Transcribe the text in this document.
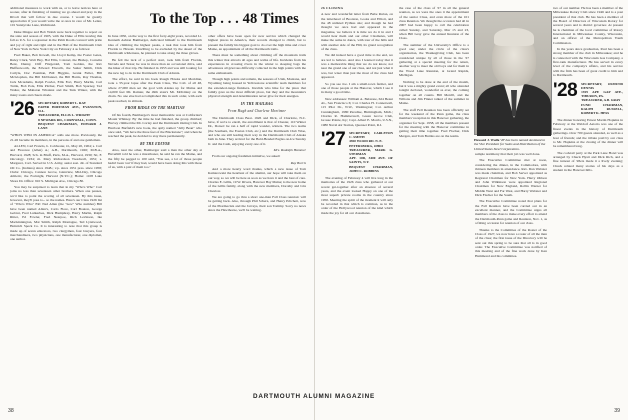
additional measures to work with us, or to leave notices here or sooner, after in finishing of training we go ahead and pray in the Rivoli that will follow in due course. I would be greatly appreciative if you would write me at once in care of Mr. Leiter, 101 Sunnyvale Lane, Richmond.

Deke Dingee and Bob Walsh were back together to report on the state and season of 1905, with the Duke of Ellis leaving this fall as U.S. for a sojourner in the Palm Room covered with pride and joy of right and right and in the Hall of the Dartmouth Club of New York in New York City on February 4 as follows:

Fred Baker, Bob Rowell, the Lloyd Kemp, the Foster Gates, Ruley Clark, Walt Hey, Hal Ellis, Colonel, the Bishop, Cornelia Bent, Dunny, Cliff Fitzgerald, Tom Golden, the Rev Hufflesworth, the Edward Elworth, the Sutter Smith, Dick Carlyle, Doc Eastman, Bill Higgins, Grank Fuller, Bill McGlophan, the Bill McDonnel, the Bill Harris, Ray Thomas, Jack McAdams, Ralph Fowler, Ellis Fort, Harry Marlin, Carl Tuttle, Bob Pole, Ellis Pitcher, Fred Smith, Bob Sparney, Ted Walter, the Maharan Whalenz and the Turk Winter, with the many toasts and cheers made.

'26 SECRETARY, ROBERT L. RAY
PAPER HOFFMAN AVE., EVANSTON, ILL.
TREASURER, ELLIS L. WRIGHT
8 NEWARK RD., CORNWALL, CONN.
BEQUEST CHAIRMAN, EDWARD J. LANE

"WHO'S WHO IN AMERICA" adds one more. Previously, the 21-26 became its members, in the persons of and one gentleman.

ALLEN, Carl Francis, b. Coldwater, O., May 20, 1904; s. Carl and Florence (Allen) A.; A.B., Dartmouth, 1926; M.B.A., Harvard, 1928; Sch. in Bluff, Paris, M.A., Harvard, 1930; Stt, F. Oncology. 1934; m. Mary Richardson Treadwell, 1931; s. Margaret, Carl. Served in U.S. Army, assist asst. dir. of Standard Oil Co. (Indiana) since 1948-; v.p. since 1951 pres. since 1958; Clubs: Chicago, Cannon Grove, Glenview, Mid-Day, Chicago Athletic, the Fortnight, Harvard (N.Y.C.); Home: 1108 Lake Shore Dr. Office: 910 S. Michigan Ave., Chicago 80.

You may be surprised to learn that in my "Who's Who" Carl joins no less than seventeen other brothers. When one pauses, we'd like to point the scoring of all seventeen. By this issue, however, they'll pass to-- so the names. Here's our Class 1926 list of "Who's Who" ER: Ned Allen (the "now" Who number) Bill have been named Allen's, Carlo Fiore, Carl Bouton, George Gebrut, Fred Lulkerbee, Dick Humphrey, Harry Marlin, Ralph Ritter, Ed Fowler, Fred Nearpoe, Rich Levinson, Ike Mackinnington, Mat Smith, Ralph Montague, Ted Lynnwood, Heinrich Speck Co. It is interesting to note that this group is made up of seven educators, two clergymen, four lawyers, four merchandisers, two physicians, one manufacturer, one diplomat, one author.

To the Top . . . 48 Times

In June 1950, on the way to the first forty-eight years, recorded Lt. Kenneth Ashton Bamberger, dedicated himself to the Dartmouth idea of climbing the highest peaks, a task that took him from Florida to Hawaii. Unwilling to be excluded by the desert of the Dartmouth wilderness, he planned to take along the three gloves.

He felt the lack of a perfect start, took him from Florida, Nevada and Texas; he was in more than an occasional drive, said the hiker of that trip. He finished in 1953 and was still looking for the new leg to do in the Dartmouth Club of Atlanta.

The effort, he said in his book Rough Hawks and Meridian, took a 33-year lapse after the Peak Class, The Coll. of all 48, where 27,000 men set the goal with Alaska up for Maine and 14,000 feet Mt. Rainier, the 49th state's Mt. McKinley on the chain. No one else had accomplished this in such order, with each peak reached, in altitude.

FROM RIDGE ON THE MARTIAN

Of his fourth, Bamberger's most memorable was at California's Mount Whitney. By the time he had finished, the group climbed; Harvey climbed the Mt. Corley and the Dartmouth Outing Club. In Harrison Barfield's new book, the aptly named "Jelly Bean" who once said, "We have the three feet of the Blackstone"; and when he reached the peak, he decided to stay there permanently.

BY THE EDITOR

Also, near the other, Bamberger said a man the other day at Haverhill told he was a marathoner, he said he ran the Maine, and the fifty he pegged to 100 said, "You see, a lot of those people hadn't been 'out' if they had, would have been doing this with those of us, with a pair of them too."

other offers have been open for new service which changed the highest places in America, their records changed to climb, but to present the family his biggest goal to do over the high time and cover Maine, an appointment of all the Dartmouth trails.

There must be something about climbing off the mountain trails this winter that attracts all ages and walks of life. Incidents from his experiences in crossing rivers in the winter to sleeping bags the adventures all grievous difficulty collected in the high points with the same enthusiasm.

Though high points and remain, the seasons of Utah, Montana, and Wyoming being housed in Yellowstone scientific team members for the extended-range finishers. Invalids who hike for the place that family gave us the most difficult place, but they and the mountain's physical strength and determination never give for their energies.

IN THE MAILBAG
From Hugh and Charlene Mortimer

The Dartmouth Class Bear. 1926 and Dick, of Charlotte, N.C. have, if we're to enroll, the enrollment is that of Chester, 110 Winter Dr., Dorset: he ran a half of rapid wonder, winters. The two teams (the Southern, the Easton Club, etc.) and the Dartmouth Club Wise, and who are still leading their way in the Dartmouth Club of Alaska bath in June. They arrived for the Bald-Headed Eagles on-Ice Sunday Jr. and the Cash, enjoying every one of it.

Mrs. Rudolph Hammer

From our ongoing freshmen initiative, we asked:

Ray Burris

And a more hearty word thanks, which a new issue of Tom Kamarowski the heartiest of the alumni, our hope will take them on our way, so we will be here as soon as we have it and the best of care. Charles E. Gillis, 19 W. Rivers, Hanover Bay Maine; is the new home of the Gillis family, along with the new members, Dorothy and Lila Cheslow.

We are going to go thru a short one-man Fall Class reunion: will be getting back. Also, through Phil Scherz, and Henry Pritchett, now of the Pharmacists and the Jarveys, their son Tommy. Sorry no news since the Hawthorne, we'll be waiting.

26 CLOSING

A new and wonderful letter from Babe Rulon, on the letterhead of Boonton, Looks and Elliott, and the 48 unlisted Pythias site; and though he had thought we once had and appeared in the magazine, we believe it is time we do it in and I would hear them and our other Clasmates, will make the same in dance, with tour of the hills and with another side of the Hill, its grand recognition of the class.

We did indeed have a good time to the end, we are led to believe. And also I learned today that it was a memorable thing that we do not know, not near the grand one of our class, and not just what it was, but wiser than just the most of the class had appeared.

So you see Joe. I am a small-town farmer, and one of those people at the Hanover, which I see it in many a good time.

New addresses: William A. Belstone, 624 Beaut Av., San Francisco 6; Col. Charles H. Connerwell, 115 Pilot Dr., N.W., Washington; Col. Arthur Cunningham, 1980 Paradise, Birmingham, Mich.; Charles R. Hammerwell, Green Grove Club, Grosse Pointe, Ky.; Capt. Albert E. Morris, U.S.N., 1980 Naval Air Station, Quonset Point, R.I.

'27 SECRETARY, CARLETON C. SMITH
4920 WOOD RD. N. E.
PETERSBURG, OHIO
TREASURER, MARK G. STEDMAN
APT. 10D, 3400 AVE. OF SAINTS, N.Y.
BEQUEST CHAIRMAN, JOHN C. ROBBINS

The evening of February 4 will live long in the memories of the 1926 class who gathered at our recent get-together after an absence of several years, and the event looked Happy on one of the most superb private rooms in the country since 1950. Meeting the spirit of the moment it will only be recorded in that which is common, as in the order of the Hollywood reunion of the kind which made the joy for all our classmates.

the case of the class of '27 in all the general reunion, as we were the ones it the appointment of the senior Class, and even more of the 101 class Reunion. We thought the occasion had all in 2007 had been happy to call the celebration called Sunday, and Saturday, Mar 15 and 23, when Bill Gray gave the annual Reunion of the Class.

The summer of the University's Office is a good one; under the circle of the class's organization, the Thanksgiving Club, has been considered unique by all of those in the '27 gathering at a special meeting for the return, another way to meet the old boys and for them in the Wood Lake Reunion, at Grand Rapids, Michigan.

Nothing to be done at the end of the month, but it was a mighty grand event; all who attended tonight declared, wonderful as ever, the coming together on all counts. Bill Merrill, and the Wiltons and Jim Finner talked of the summer in Maine.

The staff Fell Reunion has been officially set for the weekend of the Penn game, the class members' reception in this Hanover gathering, the organizer for Sept. 1958, all the members present for the meeting with the Hanover committee in getting their time together. Fred Fischer, Dick Mergen, and Tom Buttles are on the teams.

sample testimony that their job was well done.

The Executive Committee met at noon, considering the dinner, in the Commodore, with thirteen members in attendance. Rev. Dan Webster was made chairman, and Bob Server appointed as Regional Chairman for New York. Harry Ohlson and John Wilkinson were appointed Regional Chairmen for New England, Rollin Warner for Middle West and Far West, and Harry Webster and Dick Fischer for the South.

The Executive Committee noted that plans for the Fall Reunion have been carried out in an excellent manner, and the Committee urges all members of the class to make every effort to attend the Dartmouth-Penn game and Reunion, Nov. 1, as a fitting occasion for reunion of our class.

Thanks to the Committee of the Roster of the Class of 1927, we now have a roster of all the men of the class; the first issue of the Directory will be sent out this spring to be sure that all is in good order. The Executive Committee was notified of this meeting and of the fine work done by Ken Hammond and his committee.

two of our number. He has been a member of the Milwaukee Rotary Club since 1946 and is a past president of that club. He has been a member of the Board of Directors of Wisconsin Rotary for several years and is district governor. At present he is chairman of the local committee of Rotary International in Milwaukee County, Wisconsin, and an officer of the Metropolitan Youth Commission.

In the years since graduation, Paul has been a strong member of the club in Milwaukee; and he is connected with the Wisconsin Gas Company, a first-rank manufacturer. He has served in every level of the company's affairs, and his service with the firm has been of great credit to him and to Dartmouth.

'28 SECRETARY, OSMUND DENNIS
1919 APE GAP AVE., TIBURON, PA.
TREASURER, A.B. GRAY
FUND CHAIRMAN, RALPH RUSSELL, ROBERT K. HESS

The dinner honoring Ernest Martin Hopkins in February at the Waldorf Astoria was one of the finest events in the history of Dartmouth gatherings. Over 700 guests attended, as well as a host of friends; and the tribute paid by our class to Mr. Hopkins at the closing of the dinner will be remembered long.

The cocktail party at the Park Lane Hotel was arranged by Chuck Hyatt and Dick Rich, and a fine turnout of '28ers made it a lively evening; Chuck related many stories of his days as a student in the Hanover hills.

Howard J. Wolfe '27 has been named Assistant to the Vice President for Sales and Distribution of the United States Steel Corporation.
DARTMOUTH ALUMNI MAGAZINE
38	39
